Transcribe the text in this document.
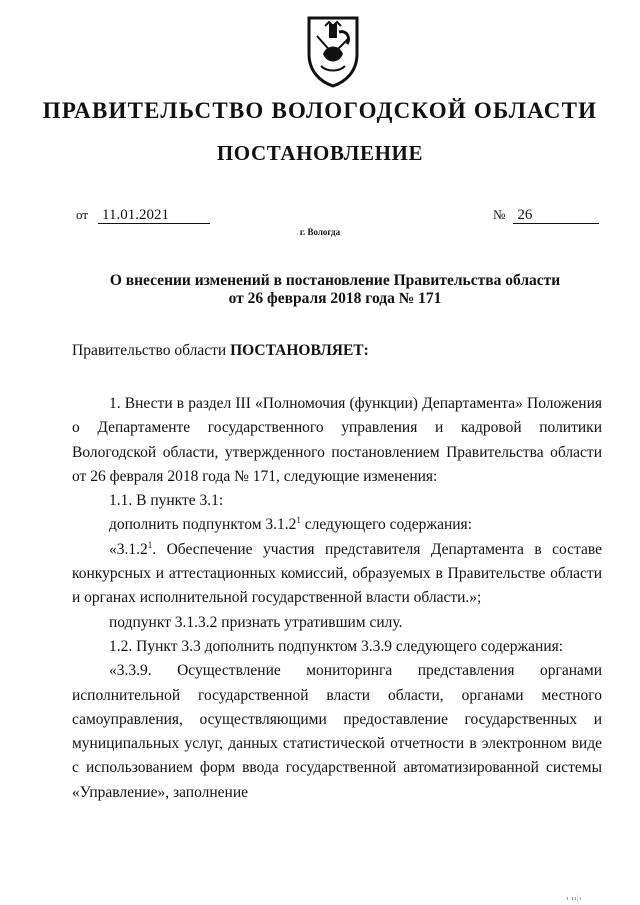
ПРАВИТЕЛЬСТВО ВОЛОГОДСКОЙ ОБЛАСТИ
ПОСТАНОВЛЕНИЕ
от 11.01.2021	№ 26
г. Вологда
О внесении изменений в постановление Правительства области
от 26 февраля 2018 года № 171
Правительство области ПОСТАНОВЛЯЕТ:

1. Внести в раздел III «Полномочия (функции) Департамента» Положения о Департаменте государственного управления и кадровой политики Вологодской области, утвержденного постановлением Правительства области от 26 февраля 2018 года № 171, следующие изменения:

1.1. В пункте 3.1:

дополнить подпунктом 3.1.2$^1$ следующего содержания:

«3.1.2$^1$. Обеспечение участия представителя Департамента в составе конкурсных и аттестационных комиссий, образуемых в Правительстве области и органах исполнительной государственной власти области.»;

подпункт 3.1.3.2 признать утратившим силу.

1.2. Пункт 3.3 дополнить подпунктом 3.3.9 следующего содержания:

«3.3.9. Осуществление мониторинга представления органами исполнительной государственной власти области, органами местного самоуправления, осуществляющими предоставление государственных и муниципальных услуг, данных статистической отчетности в электронном виде с использованием форм ввода государственной автоматизированной системы «Управление», заполнение

ı ıı|ı
